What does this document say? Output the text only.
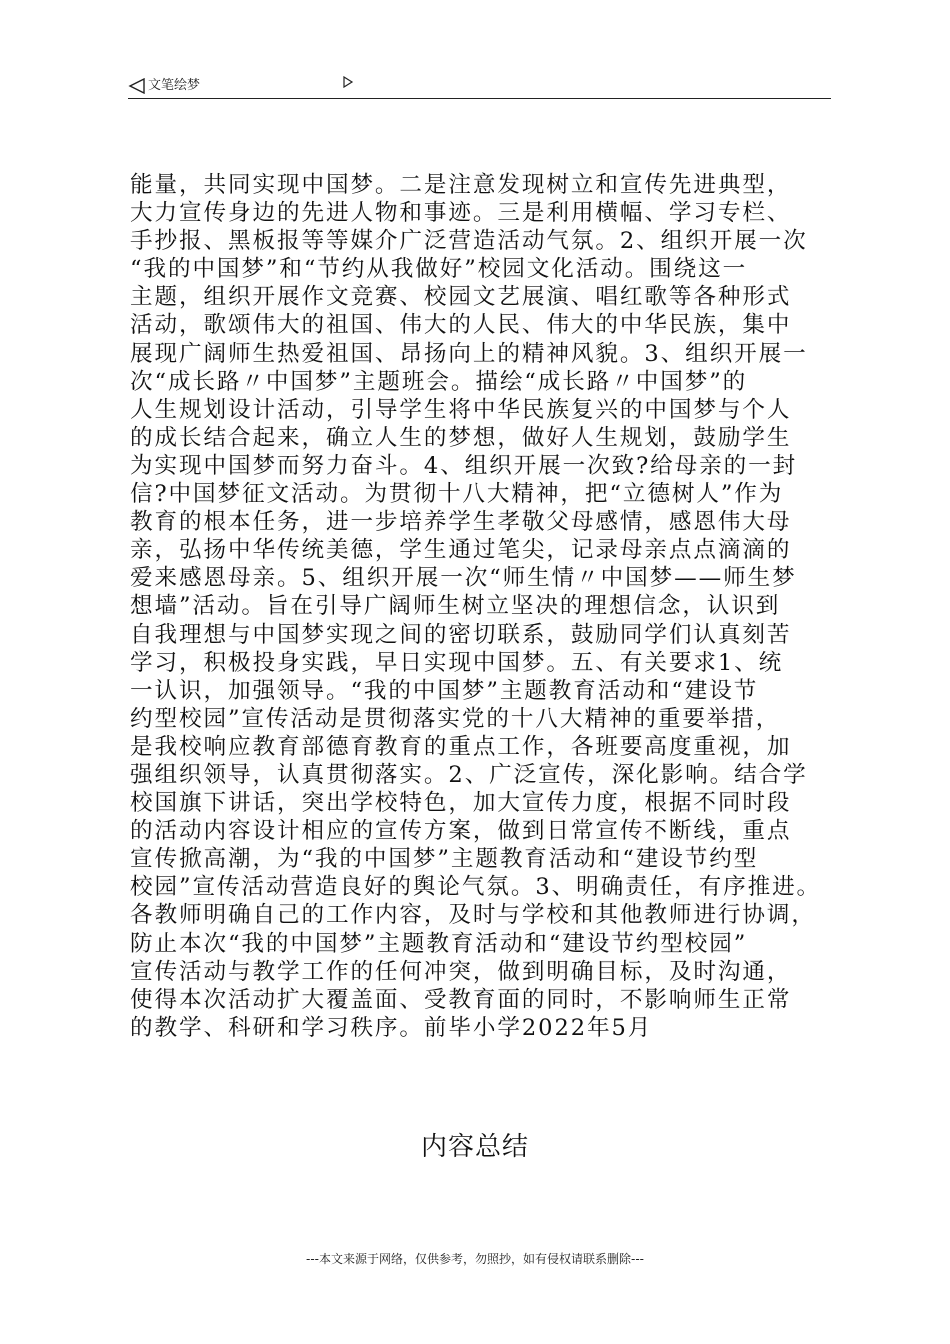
文笔绘梦
能量，共同实现中国梦。二是注意发现树立和宣传先进典型，
大力宣传身边的先进人物和事迹。三是利用横幅、学习专栏、
手抄报、黑板报等等媒介广泛营造活动气氛。2、组织开展一次
“我的中国梦”和“节约从我做好”校园文化活动。围绕这一
主题，组织开展作文竞赛、校园文艺展演、唱红歌等各种形式
活动，歌颂伟大的祖国、伟大的人民、伟大的中华民族，集中
展现广阔师生热爱祖国、昂扬向上的精神风貌。3、组织开展一
次“成长路〃中国梦”主题班会。描绘“成长路〃中国梦”的
人生规划设计活动，引导学生将中华民族复兴的中国梦与个人
的成长结合起来，确立人生的梦想，做好人生规划，鼓励学生
为实现中国梦而努力奋斗。4、组织开展一次致?给母亲的一封
信?中国梦征文活动。为贯彻十八大精神，把“立德树人”作为
教育的根本任务，进一步培养学生孝敬父母感情，感恩伟大母
亲，弘扬中华传统美德，学生通过笔尖，记录母亲点点滴滴的
爱来感恩母亲。5、组织开展一次“师生情〃中国梦——师生梦
想墙”活动。旨在引导广阔师生树立坚决的理想信念，认识到
自我理想与中国梦实现之间的密切联系，鼓励同学们认真刻苦
学习，积极投身实践，早日实现中国梦。五、有关要求1、统
一认识，加强领导。“我的中国梦”主题教育活动和“建设节
约型校园”宣传活动是贯彻落实党的十八大精神的重要举措，
是我校响应教育部德育教育的重点工作，各班要高度重视，加
强组织领导，认真贯彻落实。2、广泛宣传，深化影响。结合学
校国旗下讲话，突出学校特色，加大宣传力度，根据不同时段
的活动内容设计相应的宣传方案，做到日常宣传不断线，重点
宣传掀高潮，为“我的中国梦”主题教育活动和“建设节约型
校园”宣传活动营造良好的舆论气氛。3、明确责任，有序推进。
各教师明确自己的工作内容，及时与学校和其他教师进行协调，
防止本次“我的中国梦”主题教育活动和“建设节约型校园”
宣传活动与教学工作的任何冲突，做到明确目标，及时沟通，
使得本次活动扩大覆盖面、受教育面的同时，不影响师生正常
的教学、科研和学习秩序。前毕小学2022年5月
内容总结
---本文来源于网络，仅供参考，勿照抄，如有侵权请联系删除---
